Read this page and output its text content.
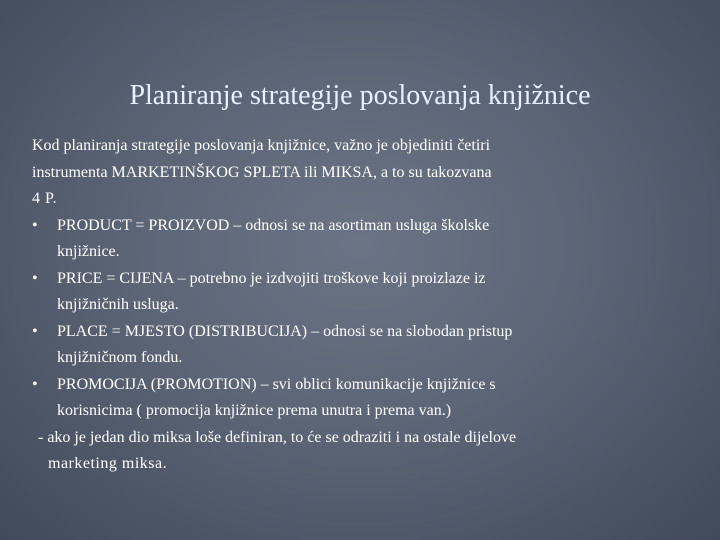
Planiranje strategije poslovanja knjižnice
Kod planiranja strategije poslovanja knjižnice, važno je objediniti četiri
instrumenta MARKETINŠKOG SPLETA ili MIKSA, a to su takozvana
4 P.
•	PRODUCT = PROIZVOD – odnosi se na asortiman usluga školske
knjižnice.
•	PRICE = CIJENA – potrebno je izdvojiti troškove koji proizlaze iz
knjižničnih usluga.
•	PLACE = MJESTO (DISTRIBUCIJA) – odnosi se na slobodan pristup
knjižničnom fondu.
•	PROMOCIJA (PROMOTION) – svi oblici komunikacije knjižnice s
korisnicima ( promocija knjižnice prema unutra i prema van.)
- ako je jedan dio miksa loše definiran, to će se odraziti i na ostale dijelove
marketing miksa.
